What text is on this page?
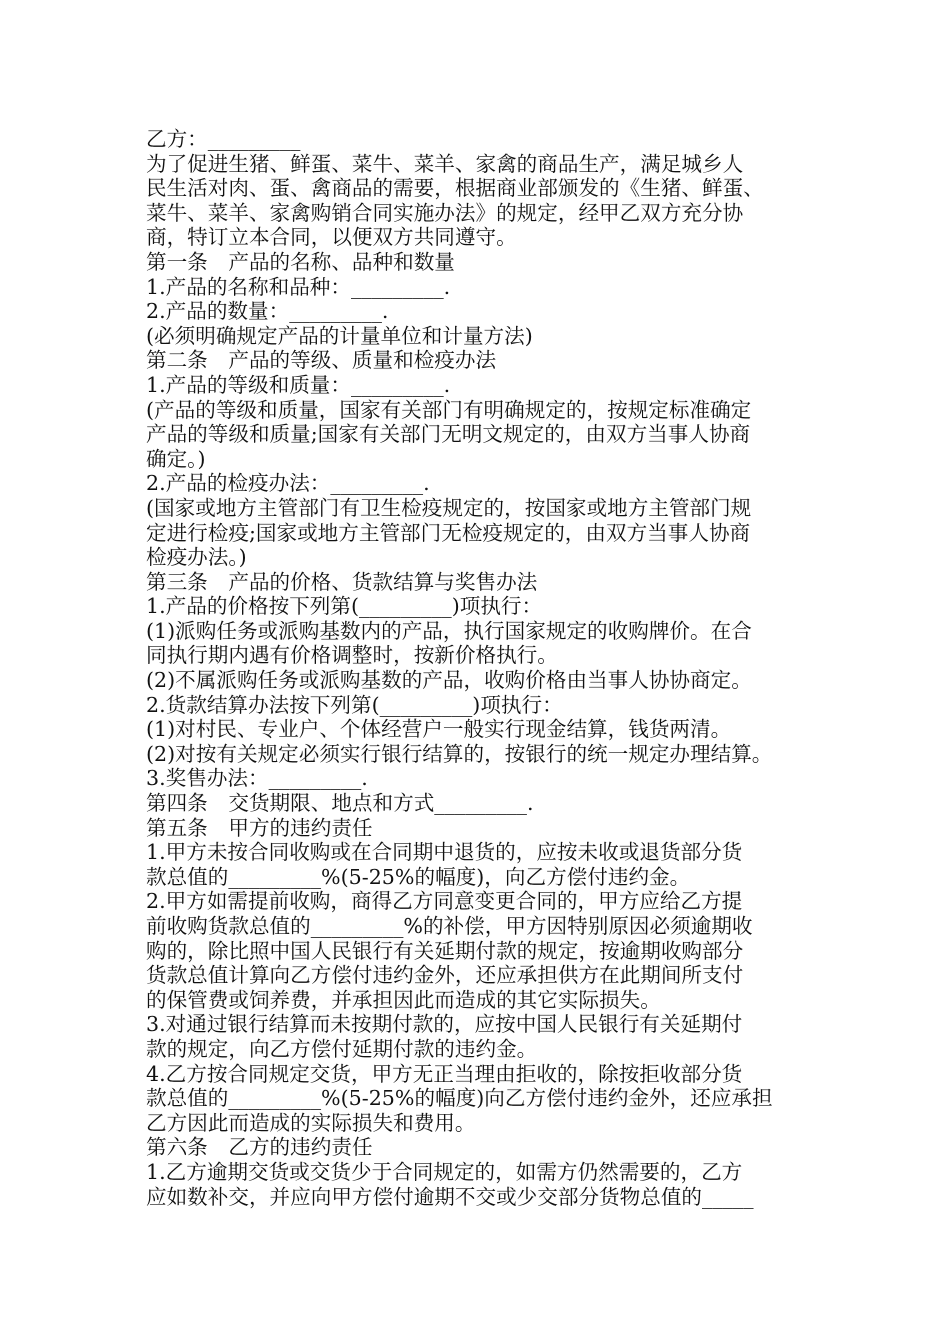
乙方：_________
为了促进生猪、鲜蛋、菜牛、菜羊、家禽的商品生产，满足城乡人
民生活对肉、蛋、禽商品的需要，根据商业部颁发的《生猪、鲜蛋、
菜牛、菜羊、家禽购销合同实施办法》的规定，经甲乙双方充分协
商，特订立本合同，以便双方共同遵守。
第一条　产品的名称、品种和数量
1.产品的名称和品种：_________.
2.产品的数量：_________.
(必须明确规定产品的计量单位和计量方法)
第二条　产品的等级、质量和检疫办法
1.产品的等级和质量：_________.
(产品的等级和质量，国家有关部门有明确规定的，按规定标准确定
产品的等级和质量;国家有关部门无明文规定的，由双方当事人协商
确定。)
2.产品的检疫办法：_________.
(国家或地方主管部门有卫生检疫规定的，按国家或地方主管部门规
定进行检疫;国家或地方主管部门无检疫规定的，由双方当事人协商
检疫办法。)
第三条　产品的价格、货款结算与奖售办法
1.产品的价格按下列第(_________)项执行：
(1)派购任务或派购基数内的产品，执行国家规定的收购牌价。在合
同执行期内遇有价格调整时，按新价格执行。
(2)不属派购任务或派购基数的产品，收购价格由当事人协协商定。
2.货款结算办法按下列第(_________)项执行：
(1)对村民、专业户、个体经营户一般实行现金结算，钱货两清。
(2)对按有关规定必须实行银行结算的，按银行的统一规定办理结算。
3.奖售办法：_________.
第四条　交货期限、地点和方式_________.
第五条　甲方的违约责任
1.甲方未按合同收购或在合同期中退货的，应按未收或退货部分货
款总值的_________%(5-25%的幅度)，向乙方偿付违约金。
2.甲方如需提前收购，商得乙方同意变更合同的，甲方应给乙方提
前收购货款总值的_________%的补偿，甲方因特别原因必须逾期收
购的，除比照中国人民银行有关延期付款的规定，按逾期收购部分
货款总值计算向乙方偿付违约金外，还应承担供方在此期间所支付
的保管费或饲养费，并承担因此而造成的其它实际损失。
3.对通过银行结算而未按期付款的，应按中国人民银行有关延期付
款的规定，向乙方偿付延期付款的违约金。
4.乙方按合同规定交货，甲方无正当理由拒收的，除按拒收部分货
款总值的_________%(5-25%的幅度)向乙方偿付违约金外，还应承担
乙方因此而造成的实际损失和费用。
第六条　乙方的违约责任
1.乙方逾期交货或交货少于合同规定的，如需方仍然需要的，乙方
应如数补交，并应向甲方偿付逾期不交或少交部分货物总值的_____
